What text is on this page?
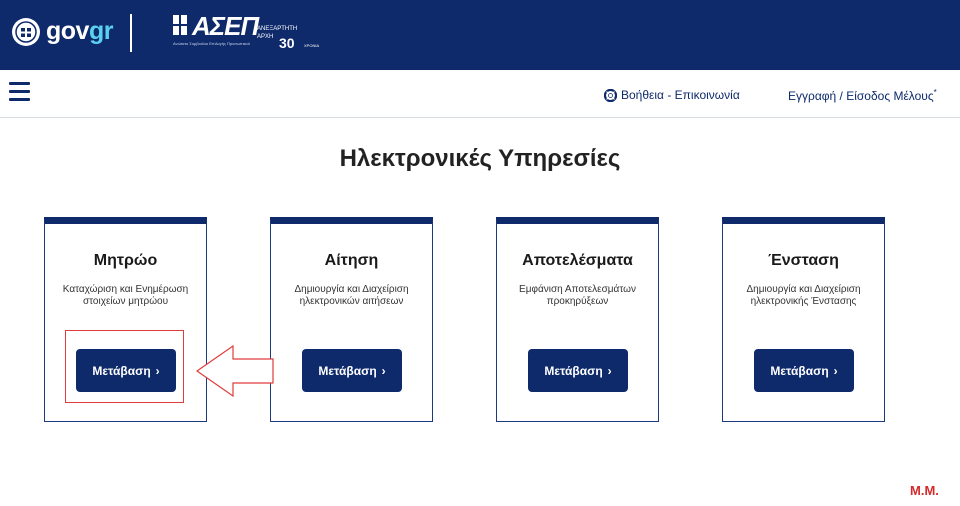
govgr	ΑΣΕΠ
Ανώτατο Συμβούλιο Επιλογής Προσωπικού
ΑΝΕΞΑΡΤΗΤΗ
ΑΡΧΗ 30 ΧΡΟΝΙΑ
Βοήθεια - Επικοινωνία	Εγγραφή / Είσοδος Μέλους*
Ηλεκτρονικές Υπηρεσίες
Μητρώο
Καταχώριση και Ενημέρωση στοιχείων μητρώου
Μετάβαση ›
Αίτηση
Δημιουργία και Διαχείριση ηλεκτρονικών αιτήσεων
Μετάβαση ›
Αποτελέσματα
Εμφάνιση Αποτελεσμάτων προκηρύξεων
Μετάβαση ›
Ένσταση
Δημιουργία και Διαχείριση ηλεκτρονικής Ένστασης
Μετάβαση ›
M.M.
